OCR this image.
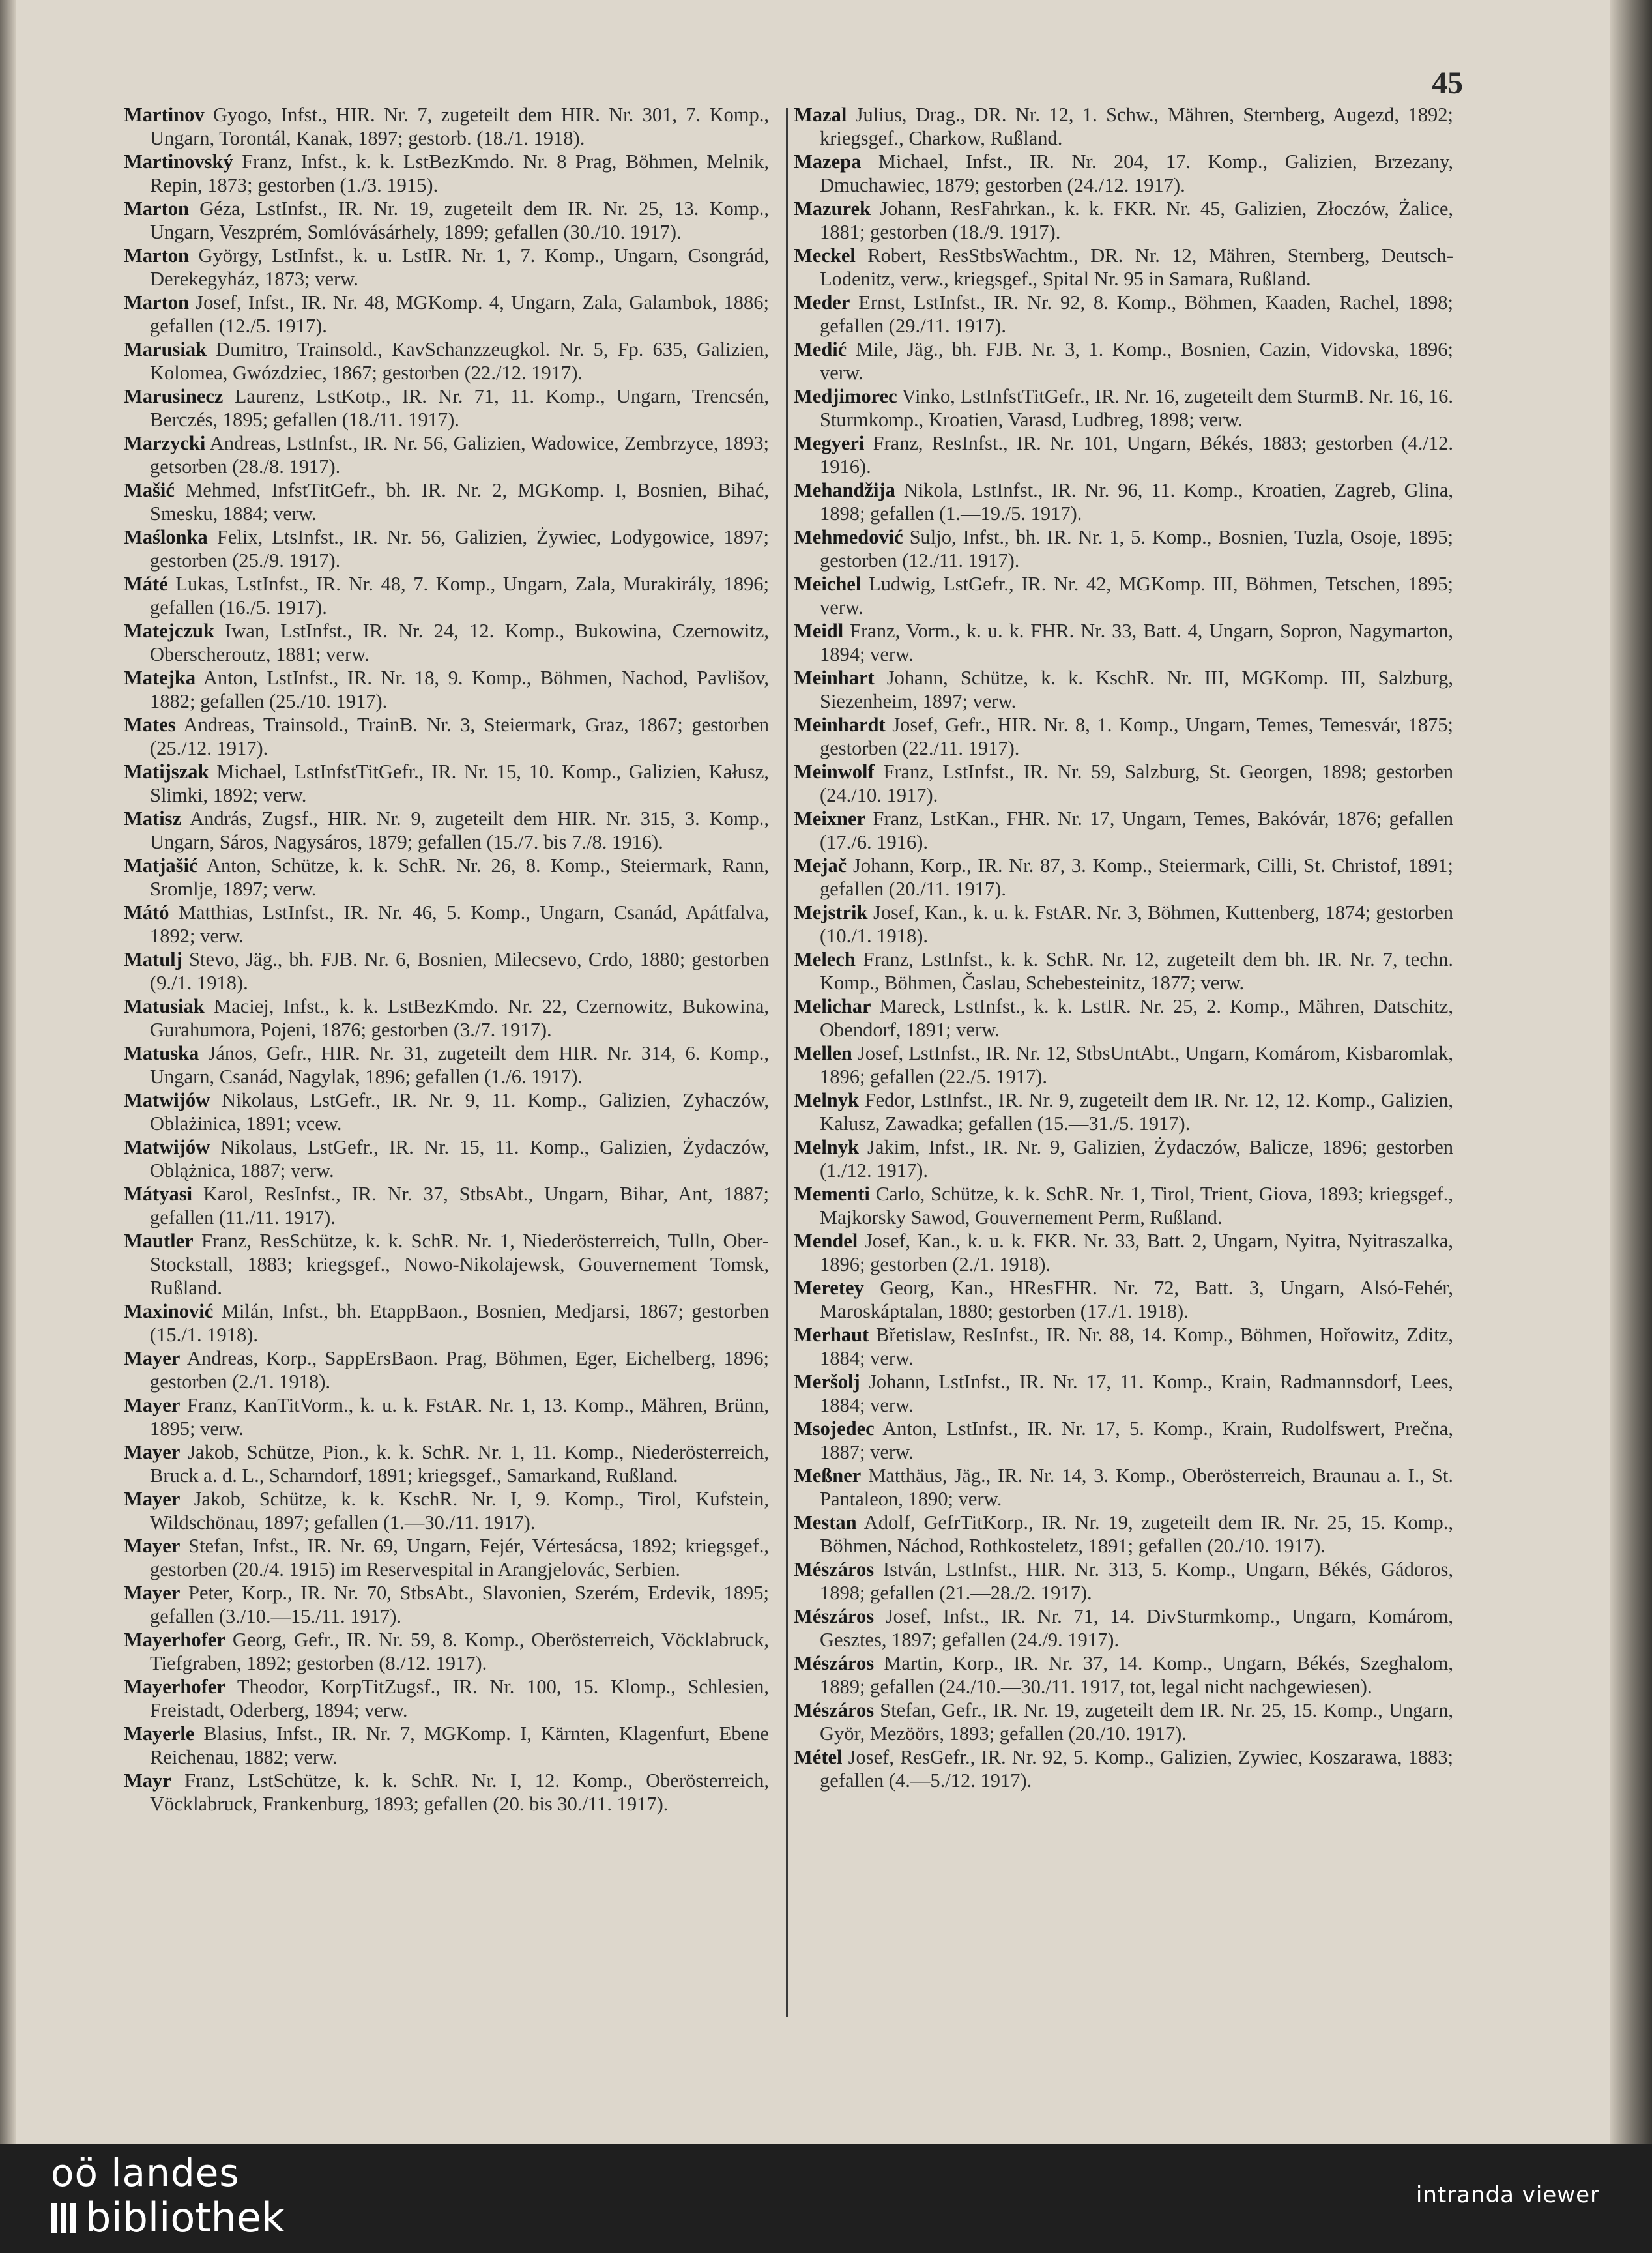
45
Martinov Gyogo, Infst., HIR. Nr. 7, zugeteilt dem HIR. Nr. 301, 7. Komp., Ungarn, Torontál, Kanak, 1897; gestorb. (18./1. 1918).
Martinovský Franz, Infst., k. k. LstBezKmdo. Nr. 8 Prag, Böhmen, Melnik, Repin, 1873; gestorben (1./3. 1915).
Marton Géza, LstInfst., IR. Nr. 19, zugeteilt dem IR. Nr. 25, 13. Komp., Ungarn, Veszprém, Somlóvásárhely, 1899; gefallen (30./10. 1917).
Marton György, LstInfst., k. u. LstIR. Nr. 1, 7. Komp., Ungarn, Csongrád, Derekegyház, 1873; verw.
Marton Josef, Infst., IR. Nr. 48, MGKomp. 4, Ungarn, Zala, Galambok, 1886; gefallen (12./5. 1917).
Marusiak Dumitro, Trainsold., KavSchanzzeugkol. Nr. 5, Fp. 635, Galizien, Kolomea, Gwózdziec, 1867; gestorben (22./12. 1917).
Marusinecz Laurenz, LstKotp., IR. Nr. 71, 11. Komp., Ungarn, Trencsén, Berczés, 1895; gefallen (18./11. 1917).
Marzycki Andreas, LstInfst., IR. Nr. 56, Galizien, Wadowice, Zembrzyce, 1893; getsorben (28./8. 1917).
Mašić Mehmed, InfstTitGefr., bh. IR. Nr. 2, MGKomp. I, Bosnien, Bihać, Smesku, 1884; verw.
Maślonka Felix, LtsInfst., IR. Nr. 56, Galizien, Żywiec, Lodygowice, 1897; gestorben (25./9. 1917).
Máté Lukas, LstInfst., IR. Nr. 48, 7. Komp., Ungarn, Zala, Murakirály, 1896; gefallen (16./5. 1917).
Matejczuk Iwan, LstInfst., IR. Nr. 24, 12. Komp., Bukowina, Czernowitz, Oberscheroutz, 1881; verw.
Matejka Anton, LstInfst., IR. Nr. 18, 9. Komp., Böhmen, Nachod, Pavlišov, 1882; gefallen (25./10. 1917).
Mates Andreas, Trainsold., TrainB. Nr. 3, Steiermark, Graz, 1867; gestorben (25./12. 1917).
Matijszak Michael, LstInfstTitGefr., IR. Nr. 15, 10. Komp., Galizien, Kałusz, Slimki, 1892; verw.
Matisz András, Zugsf., HIR. Nr. 9, zugeteilt dem HIR. Nr. 315, 3. Komp., Ungarn, Sáros, Nagysáros, 1879; gefallen (15./7. bis 7./8. 1916).
Matjašić Anton, Schütze, k. k. SchR. Nr. 26, 8. Komp., Steiermark, Rann, Sromlje, 1897; verw.
Mátó Matthias, LstInfst., IR. Nr. 46, 5. Komp., Ungarn, Csanád, Apátfalva, 1892; verw.
Matulj Stevo, Jäg., bh. FJB. Nr. 6, Bosnien, Milecsevo, Crdo, 1880; gestorben (9./1. 1918).
Matusiak Maciej, Infst., k. k. LstBezKmdo. Nr. 22, Czernowitz, Bukowina, Gurahumora, Pojeni, 1876; gestorben (3./7. 1917).
Matuska János, Gefr., HIR. Nr. 31, zugeteilt dem HIR. Nr. 314, 6. Komp., Ungarn, Csanád, Nagylak, 1896; gefallen (1./6. 1917).
Matwijów Nikolaus, LstGefr., IR. Nr. 9, 11. Komp., Galizien, Zyhaczów, Oblażinica, 1891; vcew.
Matwijów Nikolaus, LstGefr., IR. Nr. 15, 11. Komp., Galizien, Żydaczów, Oblążnica, 1887; verw.
Mátyasi Karol, ResInfst., IR. Nr. 37, StbsAbt., Ungarn, Bihar, Ant, 1887; gefallen (11./11. 1917).
Mautler Franz, ResSchütze, k. k. SchR. Nr. 1, Niederösterreich, Tulln, Ober-Stockstall, 1883; kriegsgef., Nowo-Nikolajewsk, Gouvernement Tomsk, Rußland.
Maxinović Milán, Infst., bh. EtappBaon., Bosnien, Medjarsi, 1867; gestorben (15./1. 1918).
Mayer Andreas, Korp., SappErsBaon. Prag, Böhmen, Eger, Eichelberg, 1896; gestorben (2./1. 1918).
Mayer Franz, KanTitVorm., k. u. k. FstAR. Nr. 1, 13. Komp., Mähren, Brünn, 1895; verw.
Mayer Jakob, Schütze, Pion., k. k. SchR. Nr. 1, 11. Komp., Niederösterreich, Bruck a. d. L., Scharndorf, 1891; kriegsgef., Samarkand, Rußland.
Mayer Jakob, Schütze, k. k. KschR. Nr. I, 9. Komp., Tirol, Kufstein, Wildschönau, 1897; gefallen (1.—30./11. 1917).
Mayer Stefan, Infst., IR. Nr. 69, Ungarn, Fejér, Vértesácsa, 1892; kriegsgef., gestorben (20./4. 1915) im Reservespital in Arangjelovác, Serbien.
Mayer Peter, Korp., IR. Nr. 70, StbsAbt., Slavonien, Szerém, Erdevik, 1895; gefallen (3./10.—15./11. 1917).
Mayerhofer Georg, Gefr., IR. Nr. 59, 8. Komp., Oberösterreich, Vöcklabruck, Tiefgraben, 1892; gestorben (8./12. 1917).
Mayerhofer Theodor, KorpTitZugsf., IR. Nr. 100, 15. Klomp., Schlesien, Freistadt, Oderberg, 1894; verw.
Mayerle Blasius, Infst., IR. Nr. 7, MGKomp. I, Kärnten, Klagenfurt, Ebene Reichenau, 1882; verw.
Mayr Franz, LstSchütze, k. k. SchR. Nr. I, 12. Komp., Oberösterreich, Vöcklabruck, Frankenburg, 1893; gefallen (20. bis 30./11. 1917).
Mazal Julius, Drag., DR. Nr. 12, 1. Schw., Mähren, Sternberg, Augezd, 1892; kriegsgef., Charkow, Rußland.
Mazepa Michael, Infst., IR. Nr. 204, 17. Komp., Galizien, Brzezany, Dmuchawiec, 1879; gestorben (24./12. 1917).
Mazurek Johann, ResFahrkan., k. k. FKR. Nr. 45, Galizien, Złoczów, Żalice, 1881; gestorben (18./9. 1917).
Meckel Robert, ResStbsWachtm., DR. Nr. 12, Mähren, Sternberg, Deutsch-Lodenitz, verw., kriegsgef., Spital Nr. 95 in Samara, Rußland.
Meder Ernst, LstInfst., IR. Nr. 92, 8. Komp., Böhmen, Kaaden, Rachel, 1898; gefallen (29./11. 1917).
Medić Mile, Jäg., bh. FJB. Nr. 3, 1. Komp., Bosnien, Cazin, Vidovska, 1896; verw.
Medjimorec Vinko, LstInfstTitGefr., IR. Nr. 16, zugeteilt dem SturmB. Nr. 16, 16. Sturmkomp., Kroatien, Varasd, Ludbreg, 1898; verw.
Megyeri Franz, ResInfst., IR. Nr. 101, Ungarn, Békés, 1883; gestorben (4./12. 1916).
Mehandžija Nikola, LstInfst., IR. Nr. 96, 11. Komp., Kroatien, Zagreb, Glina, 1898; gefallen (1.—19./5. 1917).
Mehmedović Suljo, Infst., bh. IR. Nr. 1, 5. Komp., Bosnien, Tuzla, Osoje, 1895; gestorben (12./11. 1917).
Meichel Ludwig, LstGefr., IR. Nr. 42, MGKomp. III, Böhmen, Tetschen, 1895; verw.
Meidl Franz, Vorm., k. u. k. FHR. Nr. 33, Batt. 4, Ungarn, Sopron, Nagymarton, 1894; verw.
Meinhart Johann, Schütze, k. k. KschR. Nr. III, MGKomp. III, Salzburg, Siezenheim, 1897; verw.
Meinhardt Josef, Gefr., HIR. Nr. 8, 1. Komp., Ungarn, Temes, Temesvár, 1875; gestorben (22./11. 1917).
Meinwolf Franz, LstInfst., IR. Nr. 59, Salzburg, St. Georgen, 1898; gestorben (24./10. 1917).
Meixner Franz, LstKan., FHR. Nr. 17, Ungarn, Temes, Bakóvár, 1876; gefallen (17./6. 1916).
Mejač Johann, Korp., IR. Nr. 87, 3. Komp., Steiermark, Cilli, St. Christof, 1891; gefallen (20./11. 1917).
Mejstrik Josef, Kan., k. u. k. FstAR. Nr. 3, Böhmen, Kuttenberg, 1874; gestorben (10./1. 1918).
Melech Franz, LstInfst., k. k. SchR. Nr. 12, zugeteilt dem bh. IR. Nr. 7, techn. Komp., Böhmen, Časlau, Schebesteinitz, 1877; verw.
Melichar Mareck, LstInfst., k. k. LstIR. Nr. 25, 2. Komp., Mähren, Datschitz, Obendorf, 1891; verw.
Mellen Josef, LstInfst., IR. Nr. 12, StbsUntAbt., Ungarn, Komárom, Kisbaromlak, 1896; gefallen (22./5. 1917).
Melnyk Fedor, LstInfst., IR. Nr. 9, zugeteilt dem IR. Nr. 12, 12. Komp., Galizien, Kalusz, Zawadka; gefallen (15.—31./5. 1917).
Melnyk Jakim, Infst., IR. Nr. 9, Galizien, Żydaczów, Balicze, 1896; gestorben (1./12. 1917).
Mementi Carlo, Schütze, k. k. SchR. Nr. 1, Tirol, Trient, Giova, 1893; kriegsgef., Majkorsky Sawod, Gouvernement Perm, Rußland.
Mendel Josef, Kan., k. u. k. FKR. Nr. 33, Batt. 2, Ungarn, Nyitra, Nyitraszalka, 1896; gestorben (2./1. 1918).
Meretey Georg, Kan., HResFHR. Nr. 72, Batt. 3, Ungarn, Alsó-Fehér, Maroskáptalan, 1880; gestorben (17./1. 1918).
Merhaut Břetislaw, ResInfst., IR. Nr. 88, 14. Komp., Böhmen, Hořowitz, Zditz, 1884; verw.
Meršolj Johann, LstInfst., IR. Nr. 17, 11. Komp., Krain, Radmannsdorf, Lees, 1884; verw.
Msojedec Anton, LstInfst., IR. Nr. 17, 5. Komp., Krain, Rudolfswert, Prečna, 1887; verw.
Meßner Matthäus, Jäg., IR. Nr. 14, 3. Komp., Oberösterreich, Braunau a. I., St. Pantaleon, 1890; verw.
Mestan Adolf, GefrTitKorp., IR. Nr. 19, zugeteilt dem IR. Nr. 25, 15. Komp., Böhmen, Náchod, Rothkosteletz, 1891; gefallen (20./10. 1917).
Mészáros István, LstInfst., HIR. Nr. 313, 5. Komp., Ungarn, Békés, Gádoros, 1898; gefallen (21.—28./2. 1917).
Mészáros Josef, Infst., IR. Nr. 71, 14. DivSturmkomp., Ungarn, Komárom, Gesztes, 1897; gefallen (24./9. 1917).
Mészáros Martin, Korp., IR. Nr. 37, 14. Komp., Ungarn, Békés, Szeghalom, 1889; gefallen (24./10.—30./11. 1917, tot, legal nicht nachgewiesen).
Mészáros Stefan, Gefr., IR. Nr. 19, zugeteilt dem IR. Nr. 25, 15. Komp., Ungarn, Györ, Mezöörs, 1893; gefallen (20./10. 1917).
Métel Josef, ResGefr., IR. Nr. 92, 5. Komp., Galizien, Zywiec, Koszarawa, 1883; gefallen (4.—5./12. 1917).
oö landes
bibliothek	intranda viewer
